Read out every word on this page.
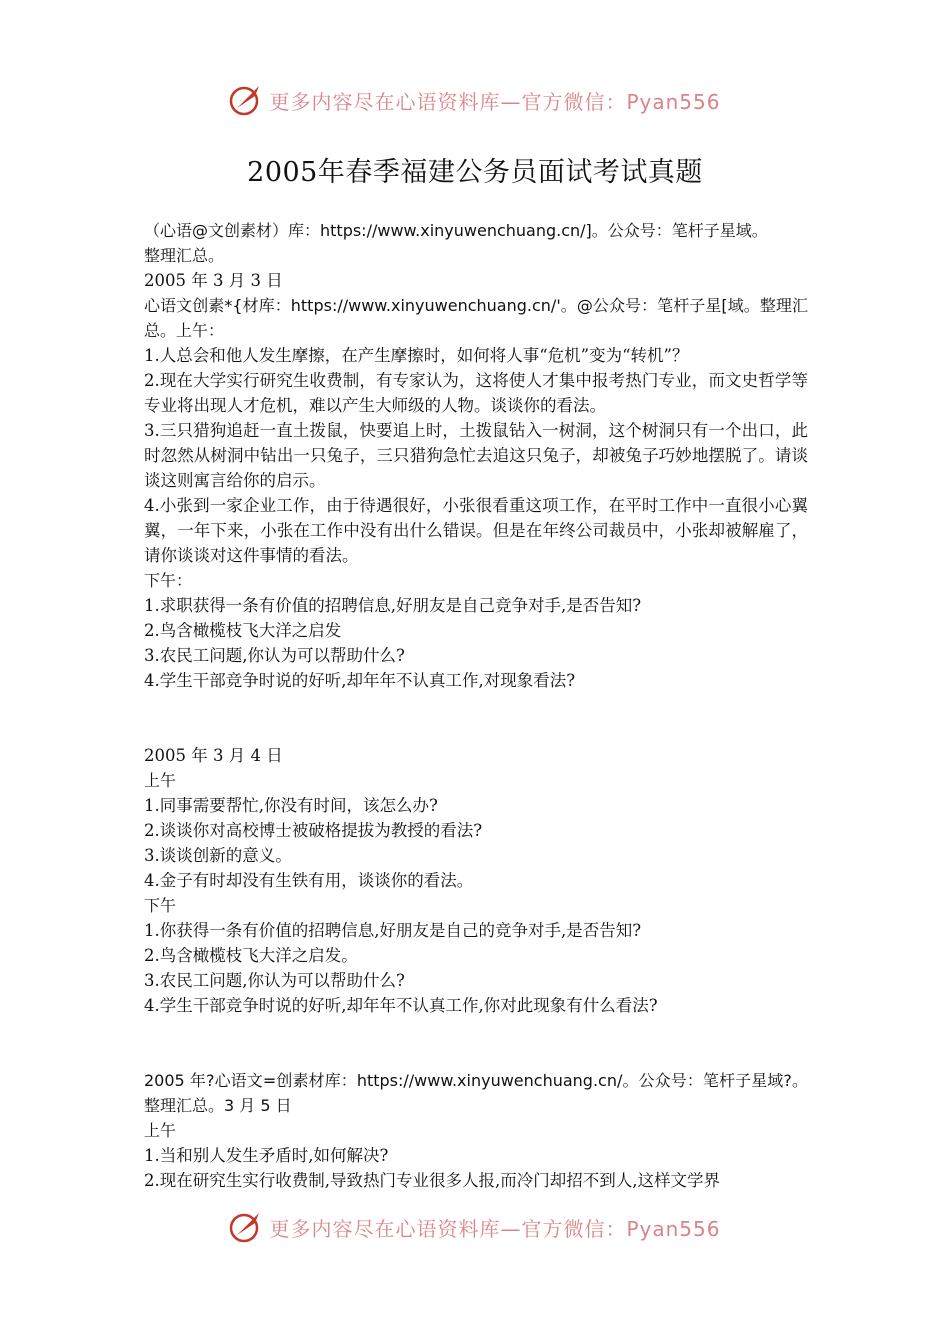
更多内容尽在心语资料库—官方微信：Pyan556
2005年春季福建公务员面试考试真题

（心语@文创素材）库：https://www.xinyuwenchuang.cn/]。公众号：笔杆子星域。

整理汇总。

2005 年 3 月 3 日

心语文创素*{材库：https://www.xinyuwenchuang.cn/'。@公众号：笔杆子星[域。整理汇总。上午：

1.人总会和他人发生摩擦，在产生摩擦时，如何将人事“危机”变为“转机”？

2.现在大学实行研究生收费制，有专家认为，这将使人才集中报考热门专业，而文史哲学等专业将出现人才危机，难以产生大师级的人物。谈谈你的看法。

3.三只猎狗追赶一直土拨鼠，快要追上时，土拨鼠钻入一树洞，这个树洞只有一个出口，此时忽然从树洞中钻出一只兔子，三只猎狗急忙去追这只兔子，却被兔子巧妙地摆脱了。请谈谈这则寓言给你的启示。

4.小张到一家企业工作，由于待遇很好，小张很看重这项工作，在平时工作中一直很小心翼翼，一年下来，小张在工作中没有出什么错误。但是在年终公司裁员中，小张却被解雇了，请你谈谈对这件事情的看法。

下午：

1.求职获得一条有价值的招聘信息,好朋友是自己竞争对手,是否告知?

2.鸟含橄榄枝飞大洋之启发

3.农民工问题,你认为可以帮助什么?

4.学生干部竞争时说的好听,却年年不认真工作,对现象看法?

2005 年 3 月 4 日

上午

1.同事需要帮忙,你没有时间，该怎么办?

2.谈谈你对高校博士被破格提拔为教授的看法?

3.谈谈创新的意义。

4.金子有时却没有生铁有用，谈谈你的看法。

下午

1.你获得一条有价值的招聘信息,好朋友是自己的竞争对手,是否告知?

2.鸟含橄榄枝飞大洋之启发。

3.农民工问题,你认为可以帮助什么?

4.学生干部竞争时说的好听,却年年不认真工作,你对此现象有什么看法?

2005 年?心语文=创素材库：https://www.xinyuwenchuang.cn/。公众号：笔杆子星域?。整理汇总。3 月 5 日

上午

1.当和别人发生矛盾时,如何解决?

2.现在研究生实行收费制,导致热门专业很多人报,而冷门却招不到人,这样文学界

更多内容尽在心语资料库—官方微信：Pyan556
